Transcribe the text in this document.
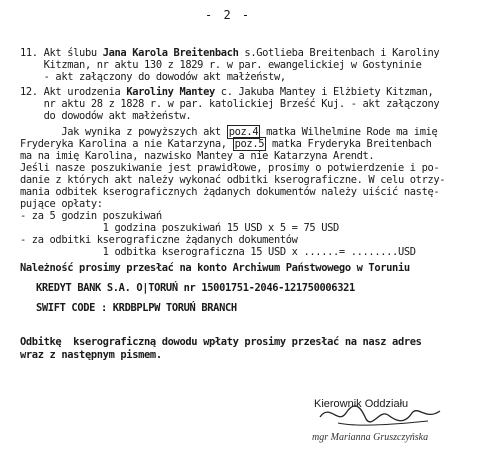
- 2 -
11. Akt ślubu Jana Karola Breitenbach s.Gotlieba Breitenbach i Karoliny
Kitzman, nr aktu 130 z 1829 r. w par. ewangelickiej w Gostyninie
- akt załączony do dowodów akt małżeństw,
12. Akt urodzenia Karoliny Mantey c. Jakuba Mantey i Elżbiety Kitzman,
nr aktu 28 z 1828 r. w par. katolickiej Brześć Kuj. - akt załączony
do dowodów akt małżeństw.
Jak wynika z powyższych akt poz.4 matka Wilhelmine Rode ma imię
Fryderyka Karolina a nie Katarzyna, poz.5 matka Fryderyka Breitenbach
ma na imię Karolina, nazwisko Mantey a nie Katarzyna Arendt.
Jeśli nasze poszukiwanie jest prawidłowe, prosimy o potwierdzenie i po-
danie z których akt należy wykonać odbitki kserograficzne. W celu otrzy-
mania odbitek kserograficznych żądanych dokumentów należy uiścić nastę-
pujące opłaty:
- za 5 godzin poszukiwań
1 godzina poszukiwań 15 USD x 5 = 75 USD
- za odbitki kserograficzne żądanych dokumentów
1 odbitka kserograficzna 15 USD x ......= ........USD
Należność prosimy przesłać na konto Archiwum Państwowego w Toruniu
KREDYT BANK S.A. O|TORUŃ nr 15001751-2046-121750006321
SWIFT CODE : KRDBPLPW TORUŃ BRANCH
Odbitkę  kserograficzną dowodu wpłaty prosimy przesłać na nasz adres
wraz z następnym pismem.
Kierownik Oddziału
mgr Marianna Gruszczyńska
